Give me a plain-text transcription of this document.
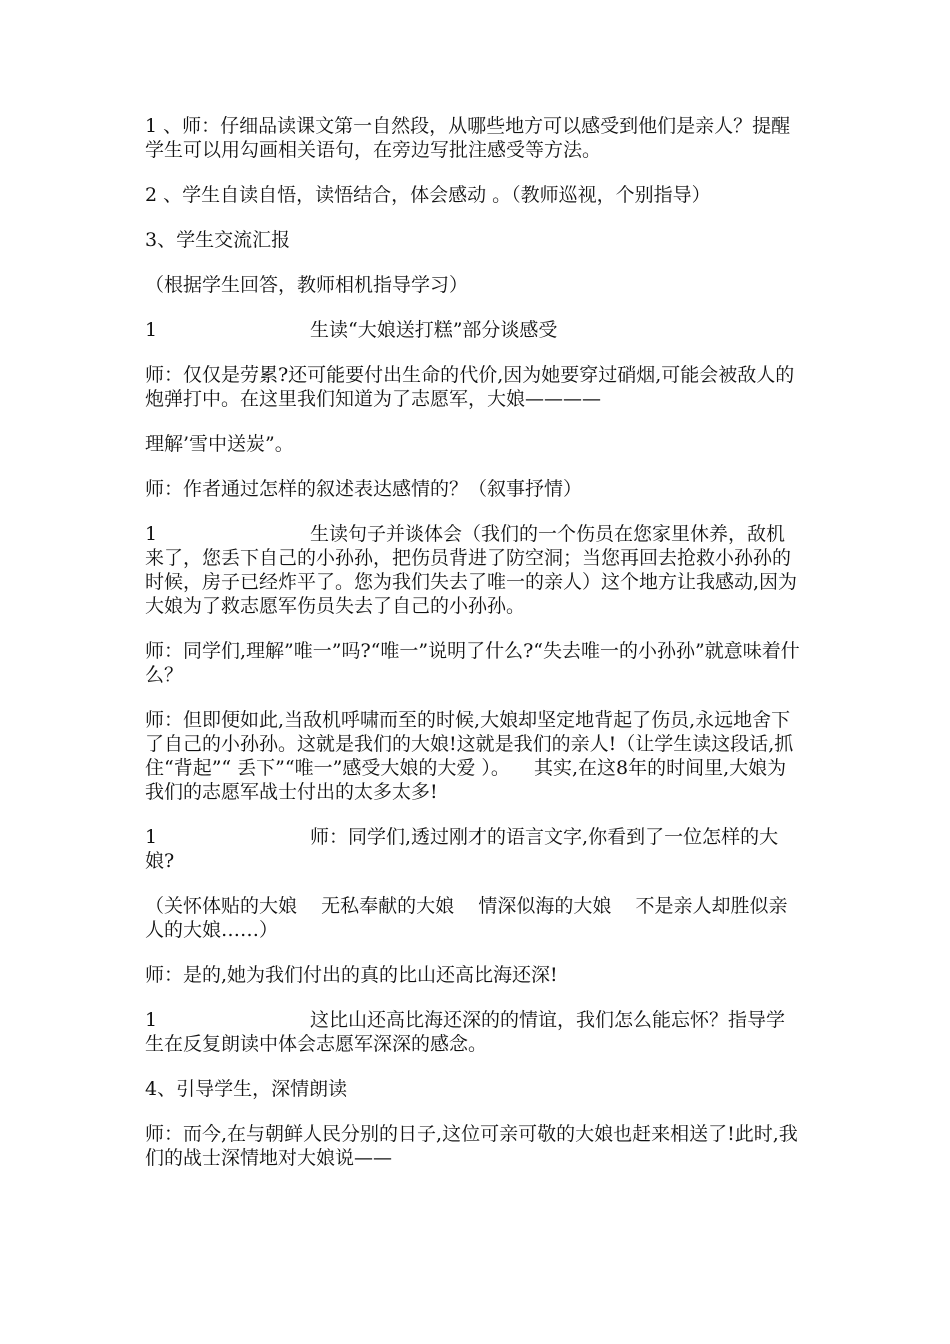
1 、师：仔细品读课文第一自然段，从哪些地方可以感受到他们是亲人？提醒学生可以用勾画相关语句，在旁边写批注感受等方法。

2 、学生自读自悟，读悟结合，体会感动 。（教师巡视，个别指导）

3、学生交流汇报

（根据学生回答，教师相机指导学习）

1	生读“大娘送打糕”部分谈感受

师：仅仅是劳累?还可能要付出生命的代价,因为她要穿过硝烟,可能会被敌人的炮弹打中。在这里我们知道为了志愿军，大娘————

理解’雪中送炭”。

师：作者通过怎样的叙述表达感情的？（叙事抒情）

1	生读句子并谈体会（我们的一个伤员在您家里休养，敌机来了，您丢下自己的小孙孙，把伤员背进了防空洞；当您再回去抢救小孙孙的时候，房子已经炸平了。您为我们失去了唯一的亲人）这个地方让我感动,因为大娘为了救志愿军伤员失去了自己的小孙孙。

师：同学们,理解”唯一”吗?“唯一”说明了什么?“失去唯一的小孙孙”就意味着什么？

师：但即便如此,当敌机呼啸而至的时候,大娘却坚定地背起了伤员,永远地舍下了自己的小孙孙。这就是我们的大娘!这就是我们的亲人!（让学生读这段话,抓住“背起”“ 丢下”“唯一”感受大娘的大爱 ）。    其实,在这8年的时间里,大娘为我们的志愿军战士付出的太多太多!

1	师：同学们,透过刚才的语言文字,你看到了一位怎样的大娘?

（关怀体贴的大娘    无私奉献的大娘    情深似海的大娘    不是亲人却胜似亲人的大娘……）

师：是的,她为我们付出的真的比山还高比海还深!

1	这比山还高比海还深的的情谊，我们怎么能忘怀？指导学生在反复朗读中体会志愿军深深的感念。

4、引导学生，深情朗读

师：而今,在与朝鲜人民分别的日子,这位可亲可敬的大娘也赶来相送了!此时,我们的战士深情地对大娘说——
